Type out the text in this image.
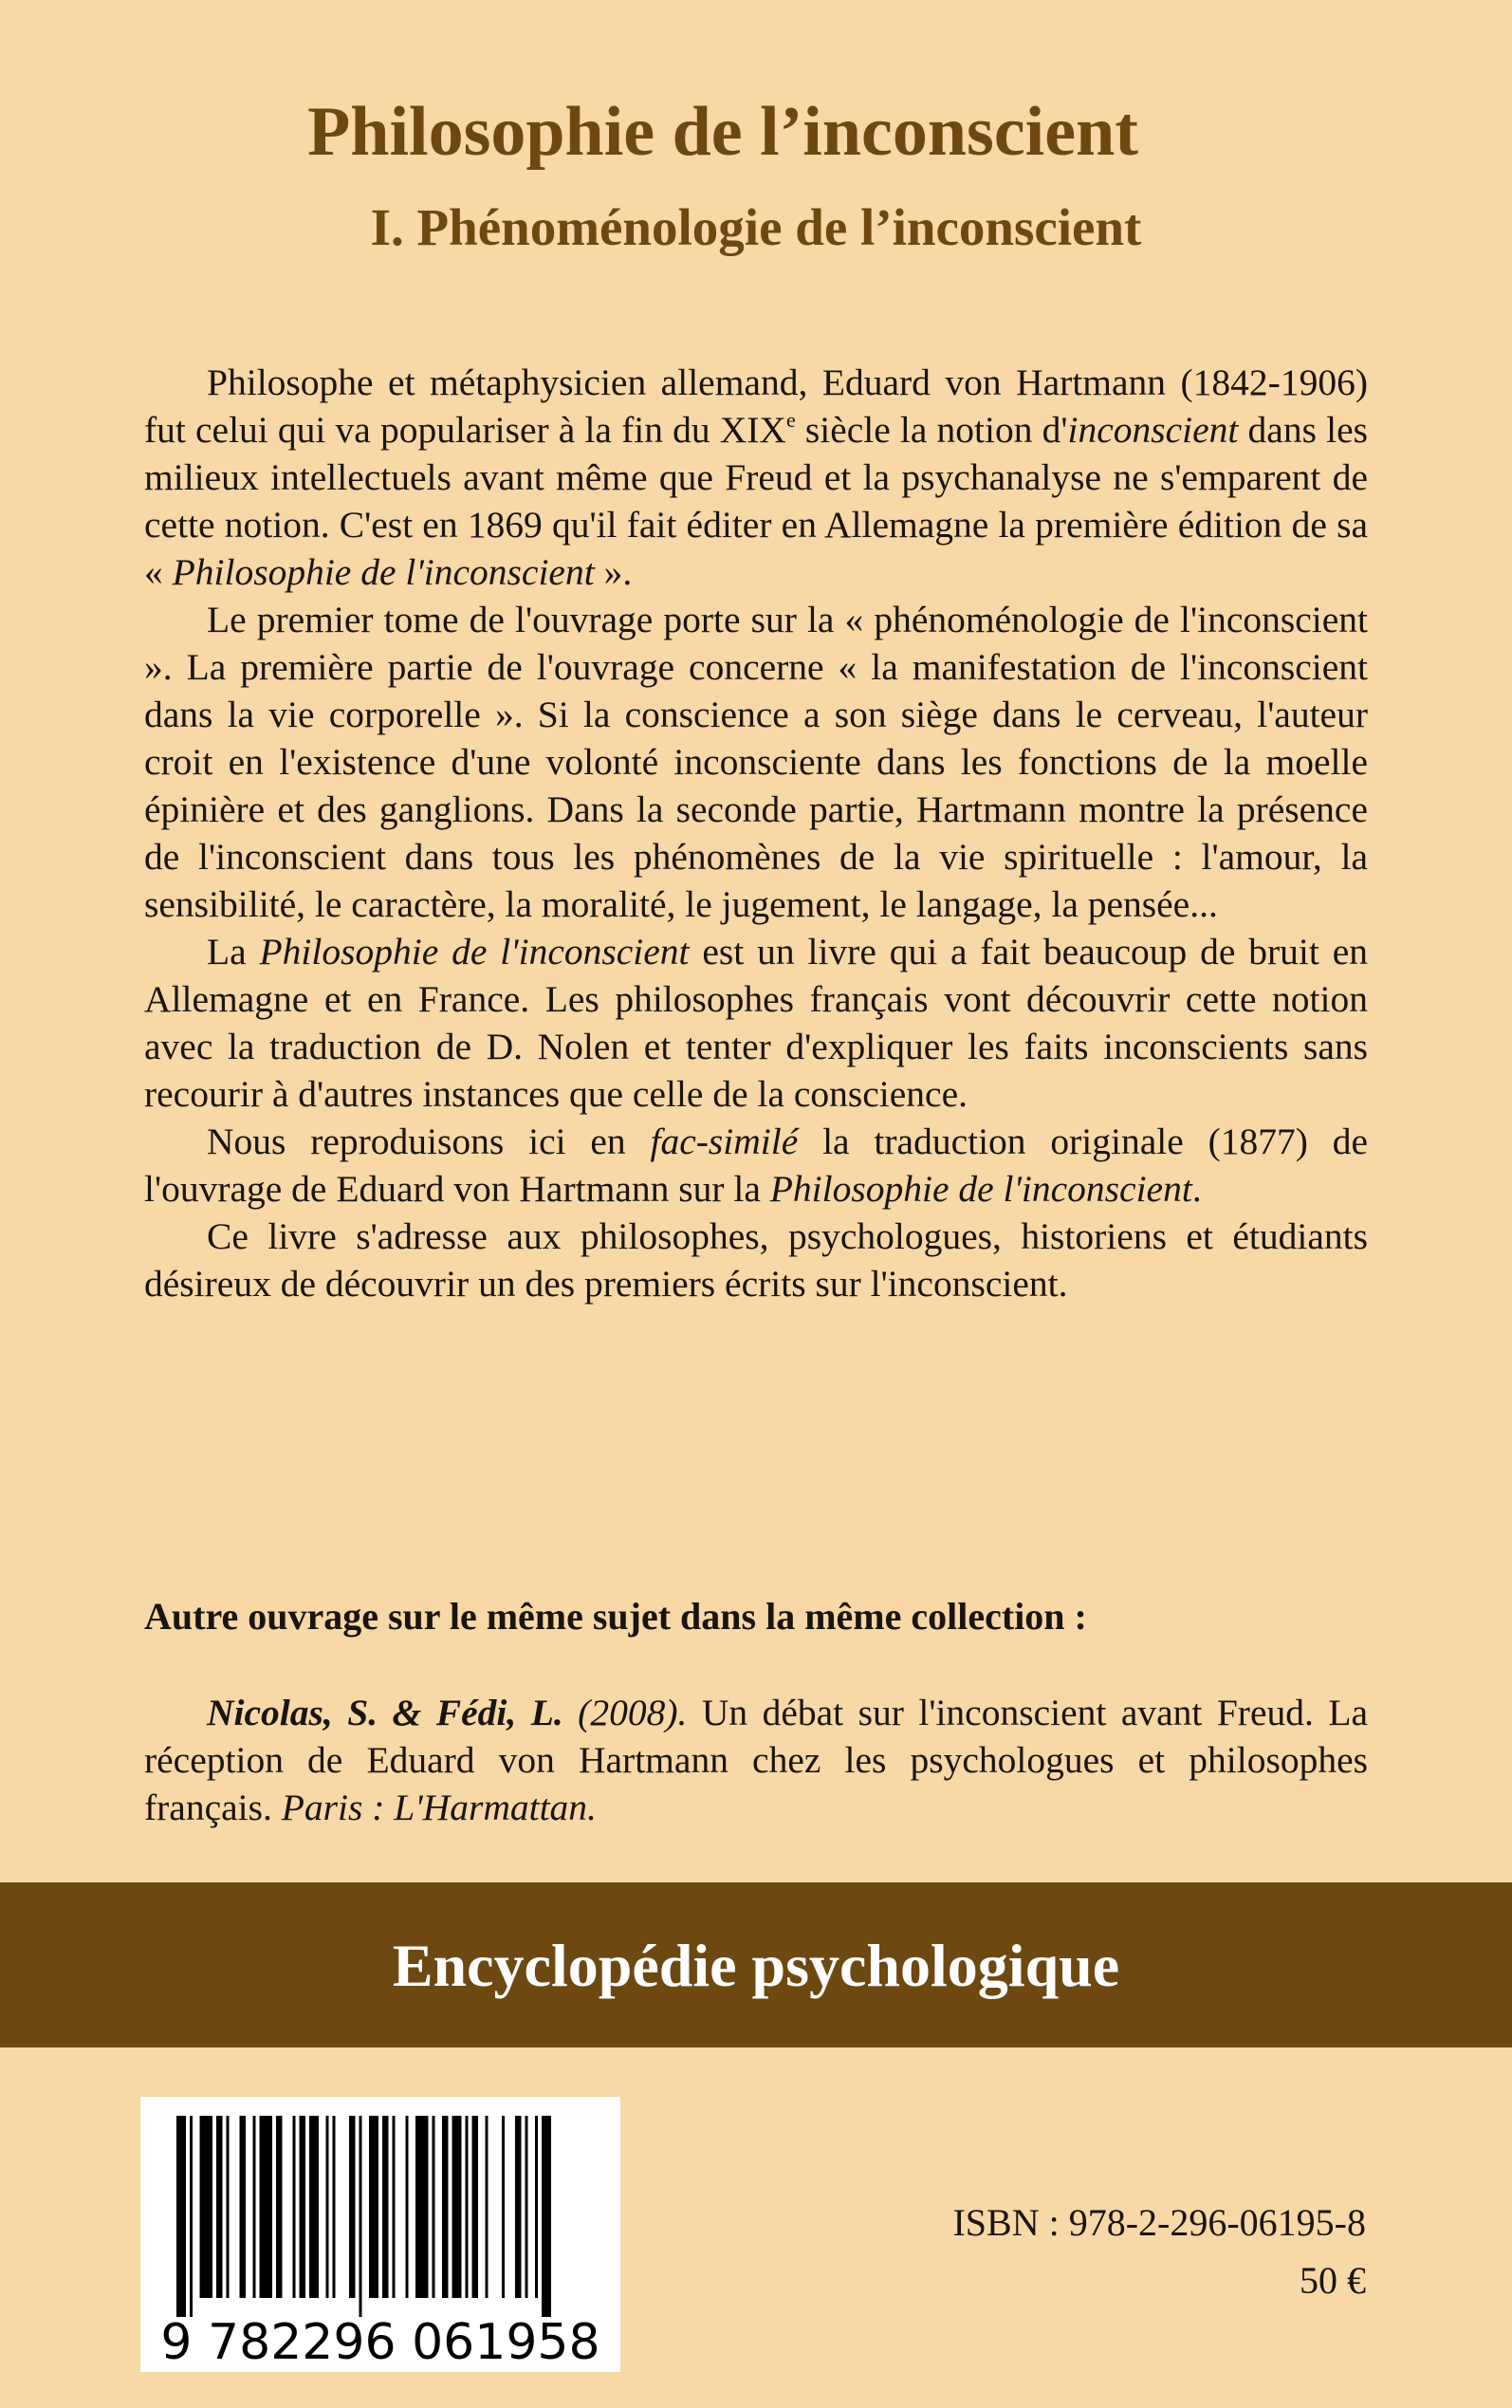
Philosophie de l’inconscient
I. Phénoménologie de l’inconscient

Philosophe et métaphysicien allemand, Eduard von Hartmann (1842-1906) fut celui qui va populariser à la fin du XIXe siècle la notion d'inconscient dans les milieux intellectuels avant même que Freud et la psychanalyse ne s'emparent de cette notion. C'est en 1869 qu'il fait éditer en Allemagne la première édition de sa « Philosophie de l'inconscient ».

Le premier tome de l'ouvrage porte sur la « phénoménologie de l'inconscient ». La première partie de l'ouvrage concerne « la manifestation de l'inconscient dans la vie corporelle ». Si la conscience a son siège dans le cerveau, l'auteur croit en l'existence d'une volonté inconsciente dans les fonctions de la moelle épinière et des ganglions. Dans la seconde partie, Hartmann montre la présence de l'inconscient dans tous les phénomènes de la vie spirituelle : l'amour, la sensibilité, le caractère, la moralité, le jugement, le langage, la pensée...

La Philosophie de l'inconscient est un livre qui a fait beaucoup de bruit en Allemagne et en France. Les philosophes français vont découvrir cette notion avec la traduction de D. Nolen et tenter d'expliquer les faits inconscients sans recourir à d'autres instances que celle de la conscience.

Nous reproduisons ici en fac-similé la traduction originale (1877) de l'ouvrage de Eduard von Hartmann sur la Philosophie de l'inconscient.

Ce livre s'adresse aux philosophes, psychologues, historiens et étudiants désireux de découvrir un des premiers écrits sur l'inconscient.

Autre ouvrage sur le même sujet dans la même collection :

Nicolas, S. & Fédi, L. (2008). Un débat sur l'inconscient avant Freud. La réception de Eduard von Hartmann chez les psychologues et philosophes français. Paris : L'Harmattan.

Encyclopédie psychologique

9 782296 061958

ISBN : 978-2-296-06195-8

50 €
